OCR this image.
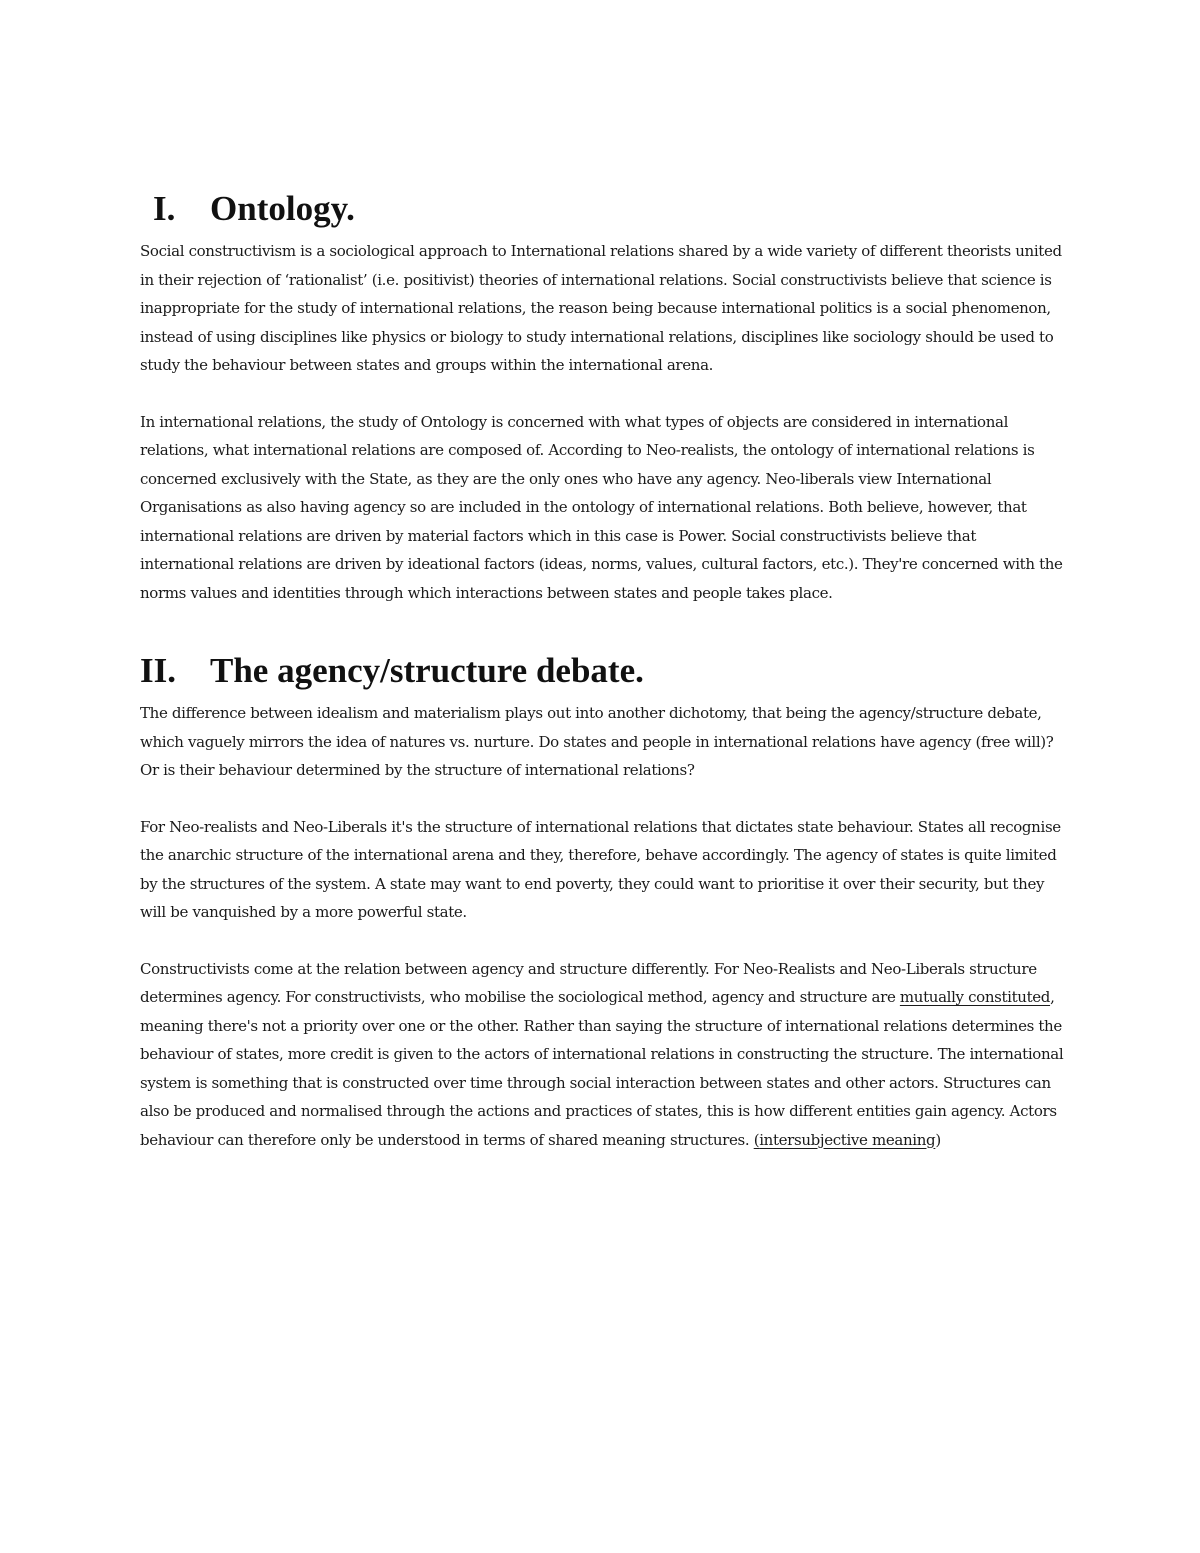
I. Ontology.

Social constructivism is a sociological approach to International relations shared by a wide variety of different theorists united in their rejection of ‘rationalist’ (i.e. positivist) theories of international relations. Social constructivists believe that science is inappropriate for the study of international relations, the reason being because international politics is a social phenomenon, instead of using disciplines like physics or biology to study international relations, disciplines like sociology should be used to study the behaviour between states and groups within the international arena.

In international relations, the study of Ontology is concerned with what types of objects are considered in international relations, what international relations are composed of. According to Neo-realists, the ontology of international relations is concerned exclusively with the State, as they are the only ones who have any agency. Neo-liberals view International Organisations as also having agency so are included in the ontology of international relations. Both believe, however, that international relations are driven by material factors which in this case is Power. Social constructivists believe that international relations are driven by ideational factors (ideas, norms, values, cultural factors, etc.). They're concerned with the norms values and identities through which interactions between states and people takes place.

II. The agency/structure debate.

The difference between idealism and materialism plays out into another dichotomy, that being the agency/structure debate, which vaguely mirrors the idea of natures vs. nurture. Do states and people in international relations have agency (free will)? Or is their behaviour determined by the structure of international relations?

For Neo-realists and Neo-Liberals it's the structure of international relations that dictates state behaviour. States all recognise the anarchic structure of the international arena and they, therefore, behave accordingly. The agency of states is quite limited by the structures of the system. A state may want to end poverty, they could want to prioritise it over their security, but they will be vanquished by a more powerful state.

Constructivists come at the relation between agency and structure differently. For Neo-Realists and Neo-Liberals structure determines agency. For constructivists, who mobilise the sociological method, agency and structure are mutually constituted, meaning there's not a priority over one or the other. Rather than saying the structure of international relations determines the behaviour of states, more credit is given to the actors of international relations in constructing the structure. The international system is something that is constructed over time through social interaction between states and other actors. Structures can also be produced and normalised through the actions and practices of states, this is how different entities gain agency. Actors behaviour can therefore only be understood in terms of shared meaning structures. (intersubjective meaning)
